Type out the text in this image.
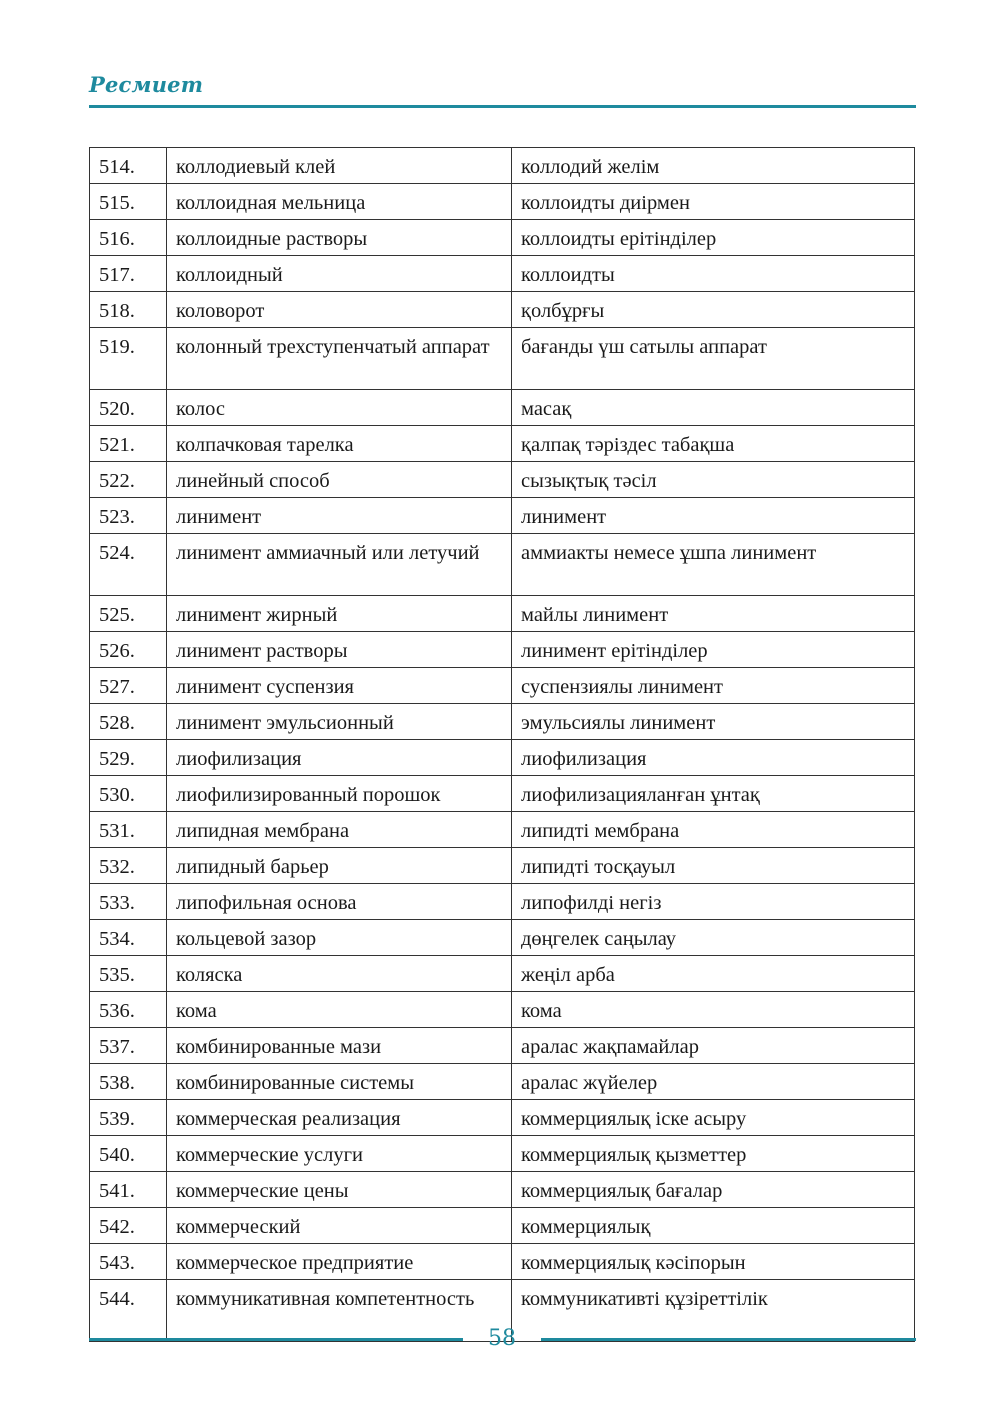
Ресмиет
514.	коллодиевый клей	коллодий желім
515.	коллоидная мельница	коллоидты диірмен
516.	коллоидные растворы	коллоидты ерітінділер
517.	коллоидный	коллоидты
518.	коловорот	қолбұрғы
519.	колонный трехступенчатый аппарат	бағанды үш сатылы аппарат
520.	колос	масақ
521.	колпачковая тарелка	қалпақ тәріздес табақша
522.	линейный способ	сызықтық тәсіл
523.	линимент	линимент
524.	линимент аммиачный или летучий	аммиакты немесе ұшпа линимент
525.	линимент жирный	майлы линимент
526.	линимент растворы	линимент ерітінділер
527.	линимент суспензия	суспензиялы линимент
528.	линимент эмульсионный	эмульсиялы линимент
529.	лиофилизация	лиофилизация
530.	лиофилизированный порошок	лиофилизацияланған ұнтақ
531.	липидная мембрана	липидті мембрана
532.	липидный барьер	липидті тосқауыл
533.	липофильная основа	липофилді негіз
534.	кольцевой зазор	дөңгелек саңылау
535.	коляска	жеңіл арба
536.	кома	кома
537.	комбинированные мази	аралас жақпамайлар
538.	комбинированные системы	аралас жүйелер
539.	коммерческая реализация	коммерциялық іске асыру
540.	коммерческие услуги	коммерциялық қызметтер
541.	коммерческие цены	коммерциялық бағалар
542.	коммерческий	коммерциялық
543.	коммерческое предприятие	коммерциялық кәсіпорын
544.	коммуникативная компетентность	коммуникативті құзіреттілік
58
